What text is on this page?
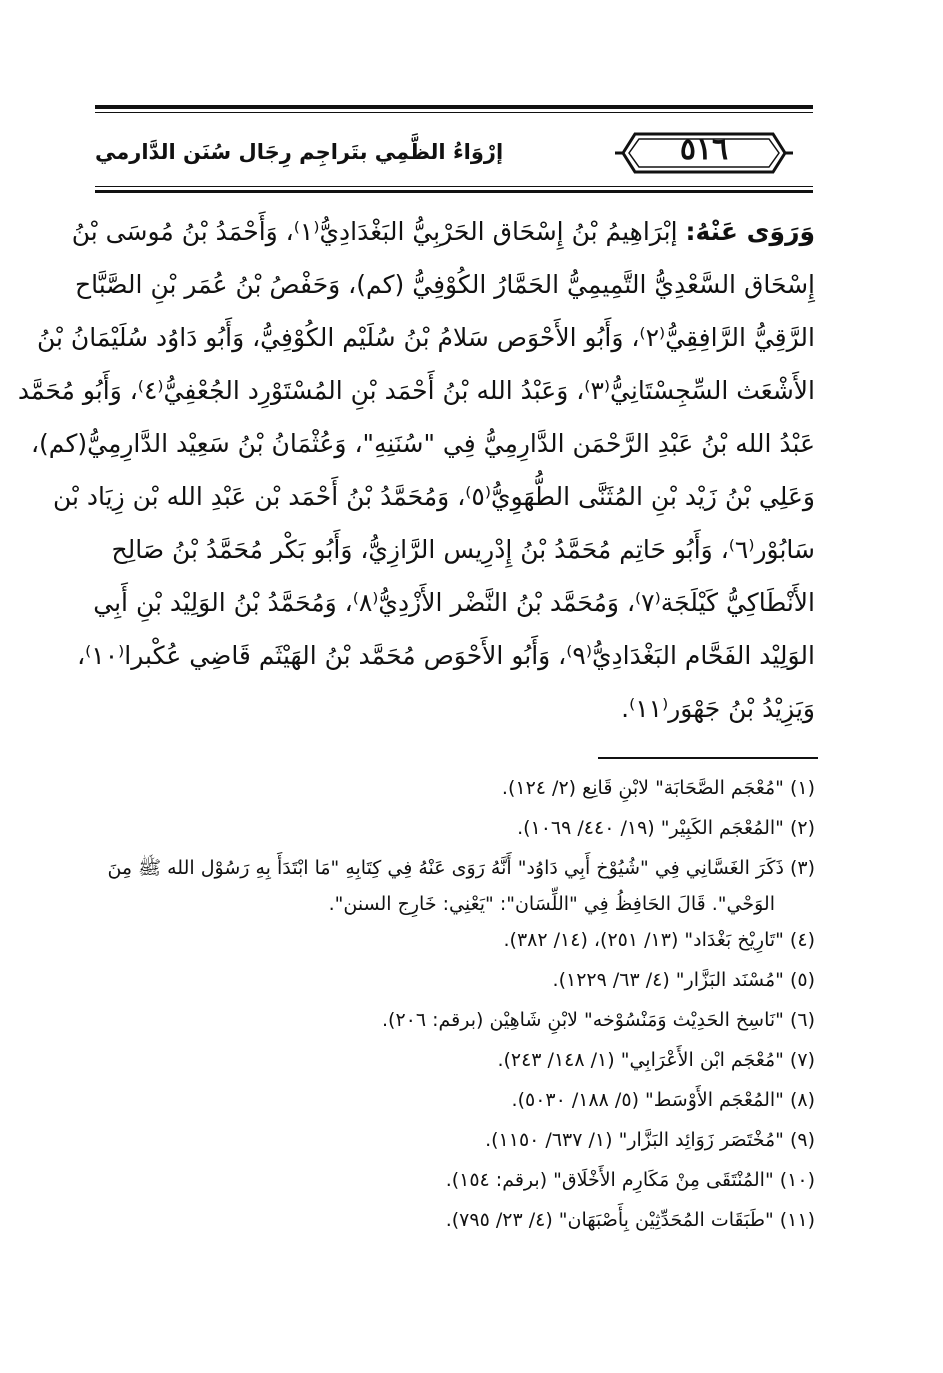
إرْوَاءُ الظَّمِي بتَراجِم رِجَال سُنَن الدَّارمي	٥١٦
وَرَوَى عَنْهُ: إبْرَاهِيمُ بْنُ إِسْحَاق الحَرْبِيُّ البَغْدَادِيُّ⁽١⁾، وَأَحْمَدُ بْنُ مُوسَى بْنُ
إِسْحَاق السَّعْدِيُّ التَّمِيمِيُّ الحَمَّارُ الكُوْفِيُّ (كم)، وَحَفْصُ بْنُ عُمَر بْنِ الصَّبَّاح
الرَّقِيُّ الرَّافِقِيُّ⁽٢⁾، وَأَبُو الأَحْوَص سَلامُ بْنُ سُلَيْم الكُوْفِيُّ، وَأَبُو دَاوُد سُلَيْمَانُ بْنُ
الأَشْعَث السِّجِسْتَانِيُّ⁽٣⁾، وَعَبْدُ الله بْنُ أَحْمَد بْنِ المُسْتَوْرِد الجُعْفِيُّ⁽٤⁾، وَأَبُو مُحَمَّد
عَبْدُ الله بْنُ عَبْدِ الرَّحْمَن الدَّارِمِيُّ فِي "سُنَنِهِ"، وَعُثْمَانُ بْنُ سَعِيْد الدَّارِمِيُّ(كم)،
وَعَلِي بْنُ زَيْد بْنِ المُثَنَّى الطُّهَوِيُّ⁽٥⁾، وَمُحَمَّدُ بْنُ أَحْمَد بْن عَبْدِ الله بْن زِيَاد بْن
سَابُوْر⁽٦⁾، وَأَبُو حَاتِم مُحَمَّدُ بْنُ إِدْرِيس الرَّازِيُّ، وَأَبُو بَكْر مُحَمَّدُ بْنُ صَالِح
الأَنْطَاكِيُّ كَيْلَجَة⁽٧⁾، وَمُحَمَّد بْنُ النَّضْر الأَزْدِيُّ⁽٨⁾، وَمُحَمَّدُ بْنُ الوَلِيْد بْنِ أَبِي
الوَلِيْد الفَحَّام البَغْدَادِيُّ⁽٩⁾، وَأَبُو الأَحْوَص مُحَمَّد بْنُ الهَيْثَم قَاضِي عُكْبرا⁽١٠⁾،
وَيَزِيْدُ بْنُ جَهْوَر⁽١١⁾.
(١) "مُعْجَم الصَّحَابَة" لابْنِ قَانِع (٢/ ١٢٤).
(٢) "المُعْجَم الكَبِيْر" (١٩/ ٤٤٠/ ١٠٦٩).
(٣) ذَكَرَ الغَسَّانِي فِي "شُيُوْخ أَبِي دَاوُد" أَنَّهُ رَوَى عَنْهُ فِي كِتَابِهِ "مَا ابْتَدَأَ بِهِ رَسُوْل الله ﷺ مِنَ
الوَحْي". قَالَ الحَافِظُ فِي "اللِّسَان": "يَعْنِي: خَارِج السنن".
(٤) "تَارِيْخ بَغْدَاد" (١٣/ ٢٥١)، (١٤/ ٣٨٢).
(٥) "مُسْنَد البَزَّار" (٤/ ٦٣/ ١٢٢٩).
(٦) "نَاسِخ الحَدِيْث وَمَنْسُوْخه" لابْنِ شَاهِيْن (برقم: ٢٠٦).
(٧) "مُعْجَم ابْن الأَعْرَابِي" (١/ ١٤٨/ ٢٤٣).
(٨) "المُعْجَم الأَوْسَط" (٥/ ١٨٨/ ٥٠٣٠).
(٩) "مُخْتَصَر زَوَائِد البَزَّار" (١/ ٦٣٧/ ١١٥٠).
(١٠) "المُنْتَقَى مِنْ مَكَارِم الأَخْلَاق" (برقم: ١٥٤).
(١١) "طَبَقَات المُحَدِّثِيْن بِأَصْبَهَان" (٤/ ٢٣/ ٧٩٥).
